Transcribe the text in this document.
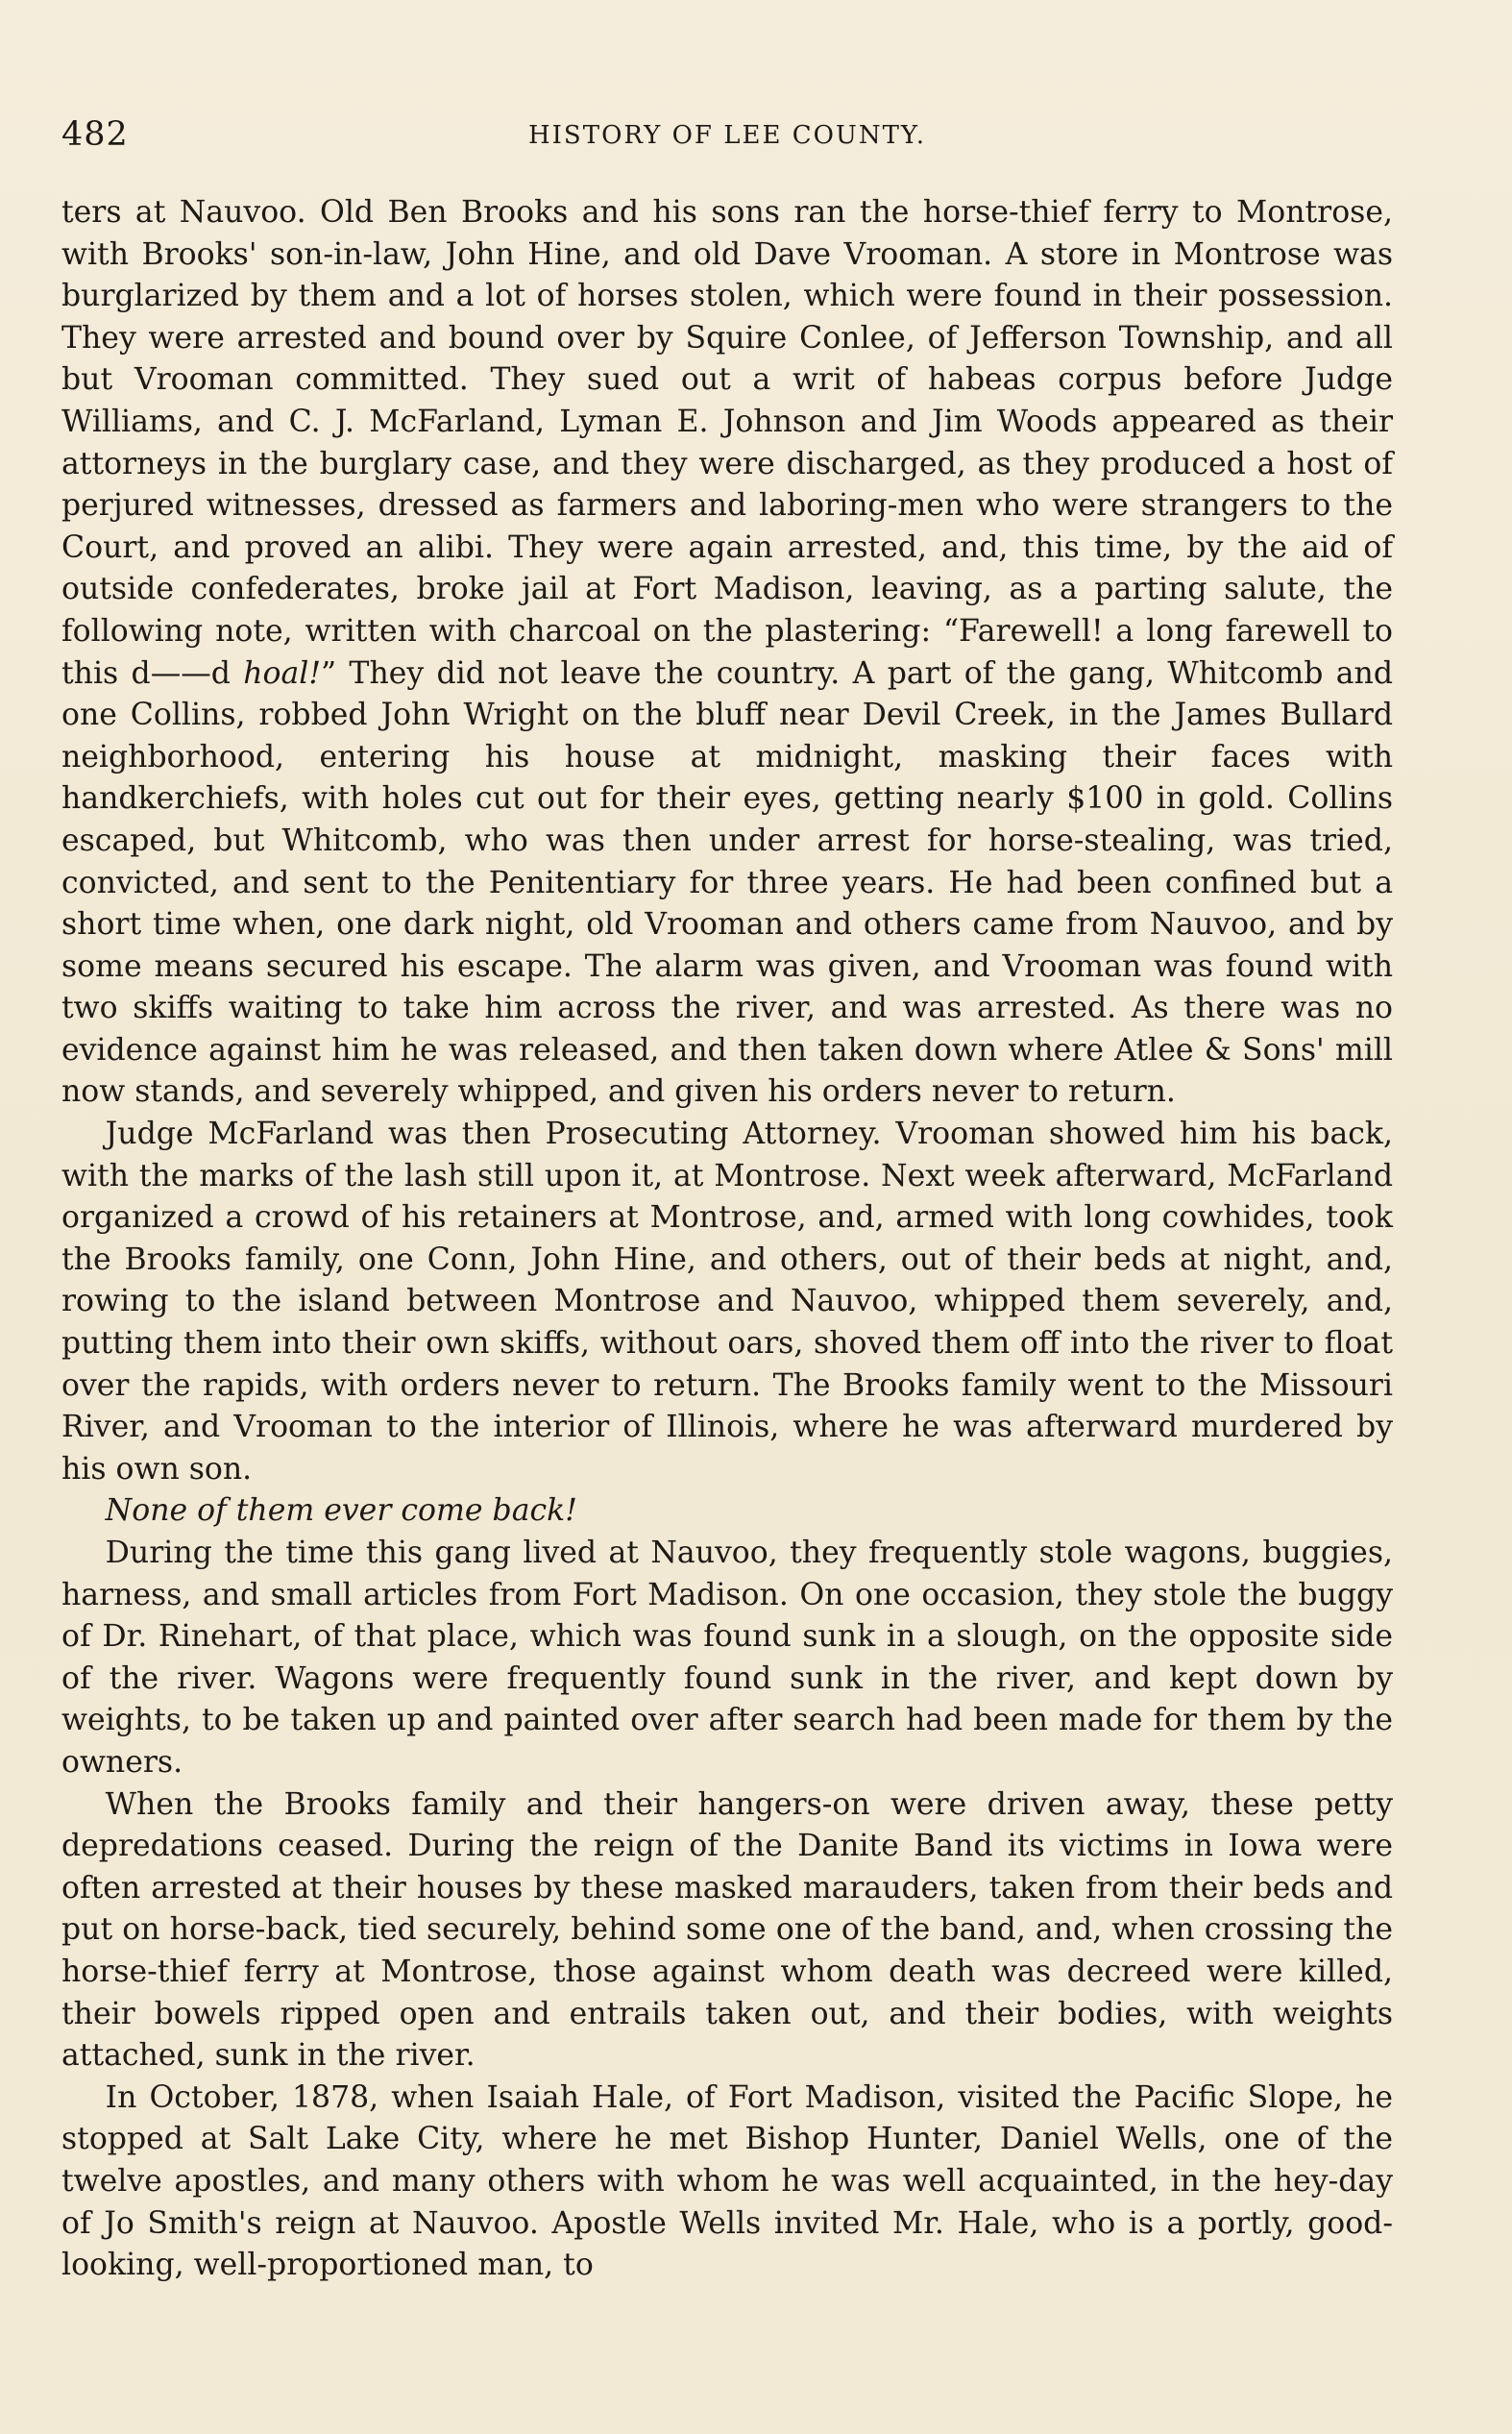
482	HISTORY OF LEE COUNTY.

ters at Nauvoo. Old Ben Brooks and his sons ran the horse-thief ferry to Montrose, with Brooks' son-in-law, John Hine, and old Dave Vrooman. A store in Montrose was burglarized by them and a lot of horses stolen, which were found in their possession. They were arrested and bound over by Squire Conlee, of Jefferson Township, and all but Vrooman committed. They sued out a writ of habeas corpus before Judge Williams, and C. J. McFarland, Lyman E. Johnson and Jim Woods appeared as their attorneys in the burglary case, and they were discharged, as they produced a host of perjured witnesses, dressed as farmers and laboring-men who were strangers to the Court, and proved an alibi. They were again arrested, and, this time, by the aid of outside confederates, broke jail at Fort Madison, leaving, as a parting salute, the following note, written with charcoal on the plastering: “Farewell! a long farewell to this d——d hoal!” They did not leave the country. A part of the gang, Whitcomb and one Collins, robbed John Wright on the bluff near Devil Creek, in the James Bullard neighborhood, entering his house at midnight, masking their faces with handkerchiefs, with holes cut out for their eyes, getting nearly $100 in gold. Collins escaped, but Whitcomb, who was then under arrest for horse-stealing, was tried, convicted, and sent to the Penitentiary for three years. He had been confined but a short time when, one dark night, old Vrooman and others came from Nauvoo, and by some means secured his escape. The alarm was given, and Vrooman was found with two skiffs waiting to take him across the river, and was arrested. As there was no evidence against him he was released, and then taken down where Atlee & Sons' mill now stands, and severely whipped, and given his orders never to return.

Judge McFarland was then Prosecuting Attorney. Vrooman showed him his back, with the marks of the lash still upon it, at Montrose. Next week afterward, McFarland organized a crowd of his retainers at Montrose, and, armed with long cowhides, took the Brooks family, one Conn, John Hine, and others, out of their beds at night, and, rowing to the island between Montrose and Nauvoo, whipped them severely, and, putting them into their own skiffs, without oars, shoved them off into the river to float over the rapids, with orders never to return. The Brooks family went to the Missouri River, and Vrooman to the interior of Illinois, where he was afterward murdered by his own son.

None of them ever come back!

During the time this gang lived at Nauvoo, they frequently stole wagons, buggies, harness, and small articles from Fort Madison. On one occasion, they stole the buggy of Dr. Rinehart, of that place, which was found sunk in a slough, on the opposite side of the river. Wagons were frequently found sunk in the river, and kept down by weights, to be taken up and painted over after search had been made for them by the owners.

When the Brooks family and their hangers-on were driven away, these petty depredations ceased. During the reign of the Danite Band its victims in Iowa were often arrested at their houses by these masked marauders, taken from their beds and put on horse-back, tied securely, behind some one of the band, and, when crossing the horse-thief ferry at Montrose, those against whom death was decreed were killed, their bowels ripped open and entrails taken out, and their bodies, with weights attached, sunk in the river.

In October, 1878, when Isaiah Hale, of Fort Madison, visited the Pacific Slope, he stopped at Salt Lake City, where he met Bishop Hunter, Daniel Wells, one of the twelve apostles, and many others with whom he was well acquainted, in the hey-day of Jo Smith's reign at Nauvoo. Apostle Wells invited Mr. Hale, who is a portly, good-looking, well-proportioned man, to
